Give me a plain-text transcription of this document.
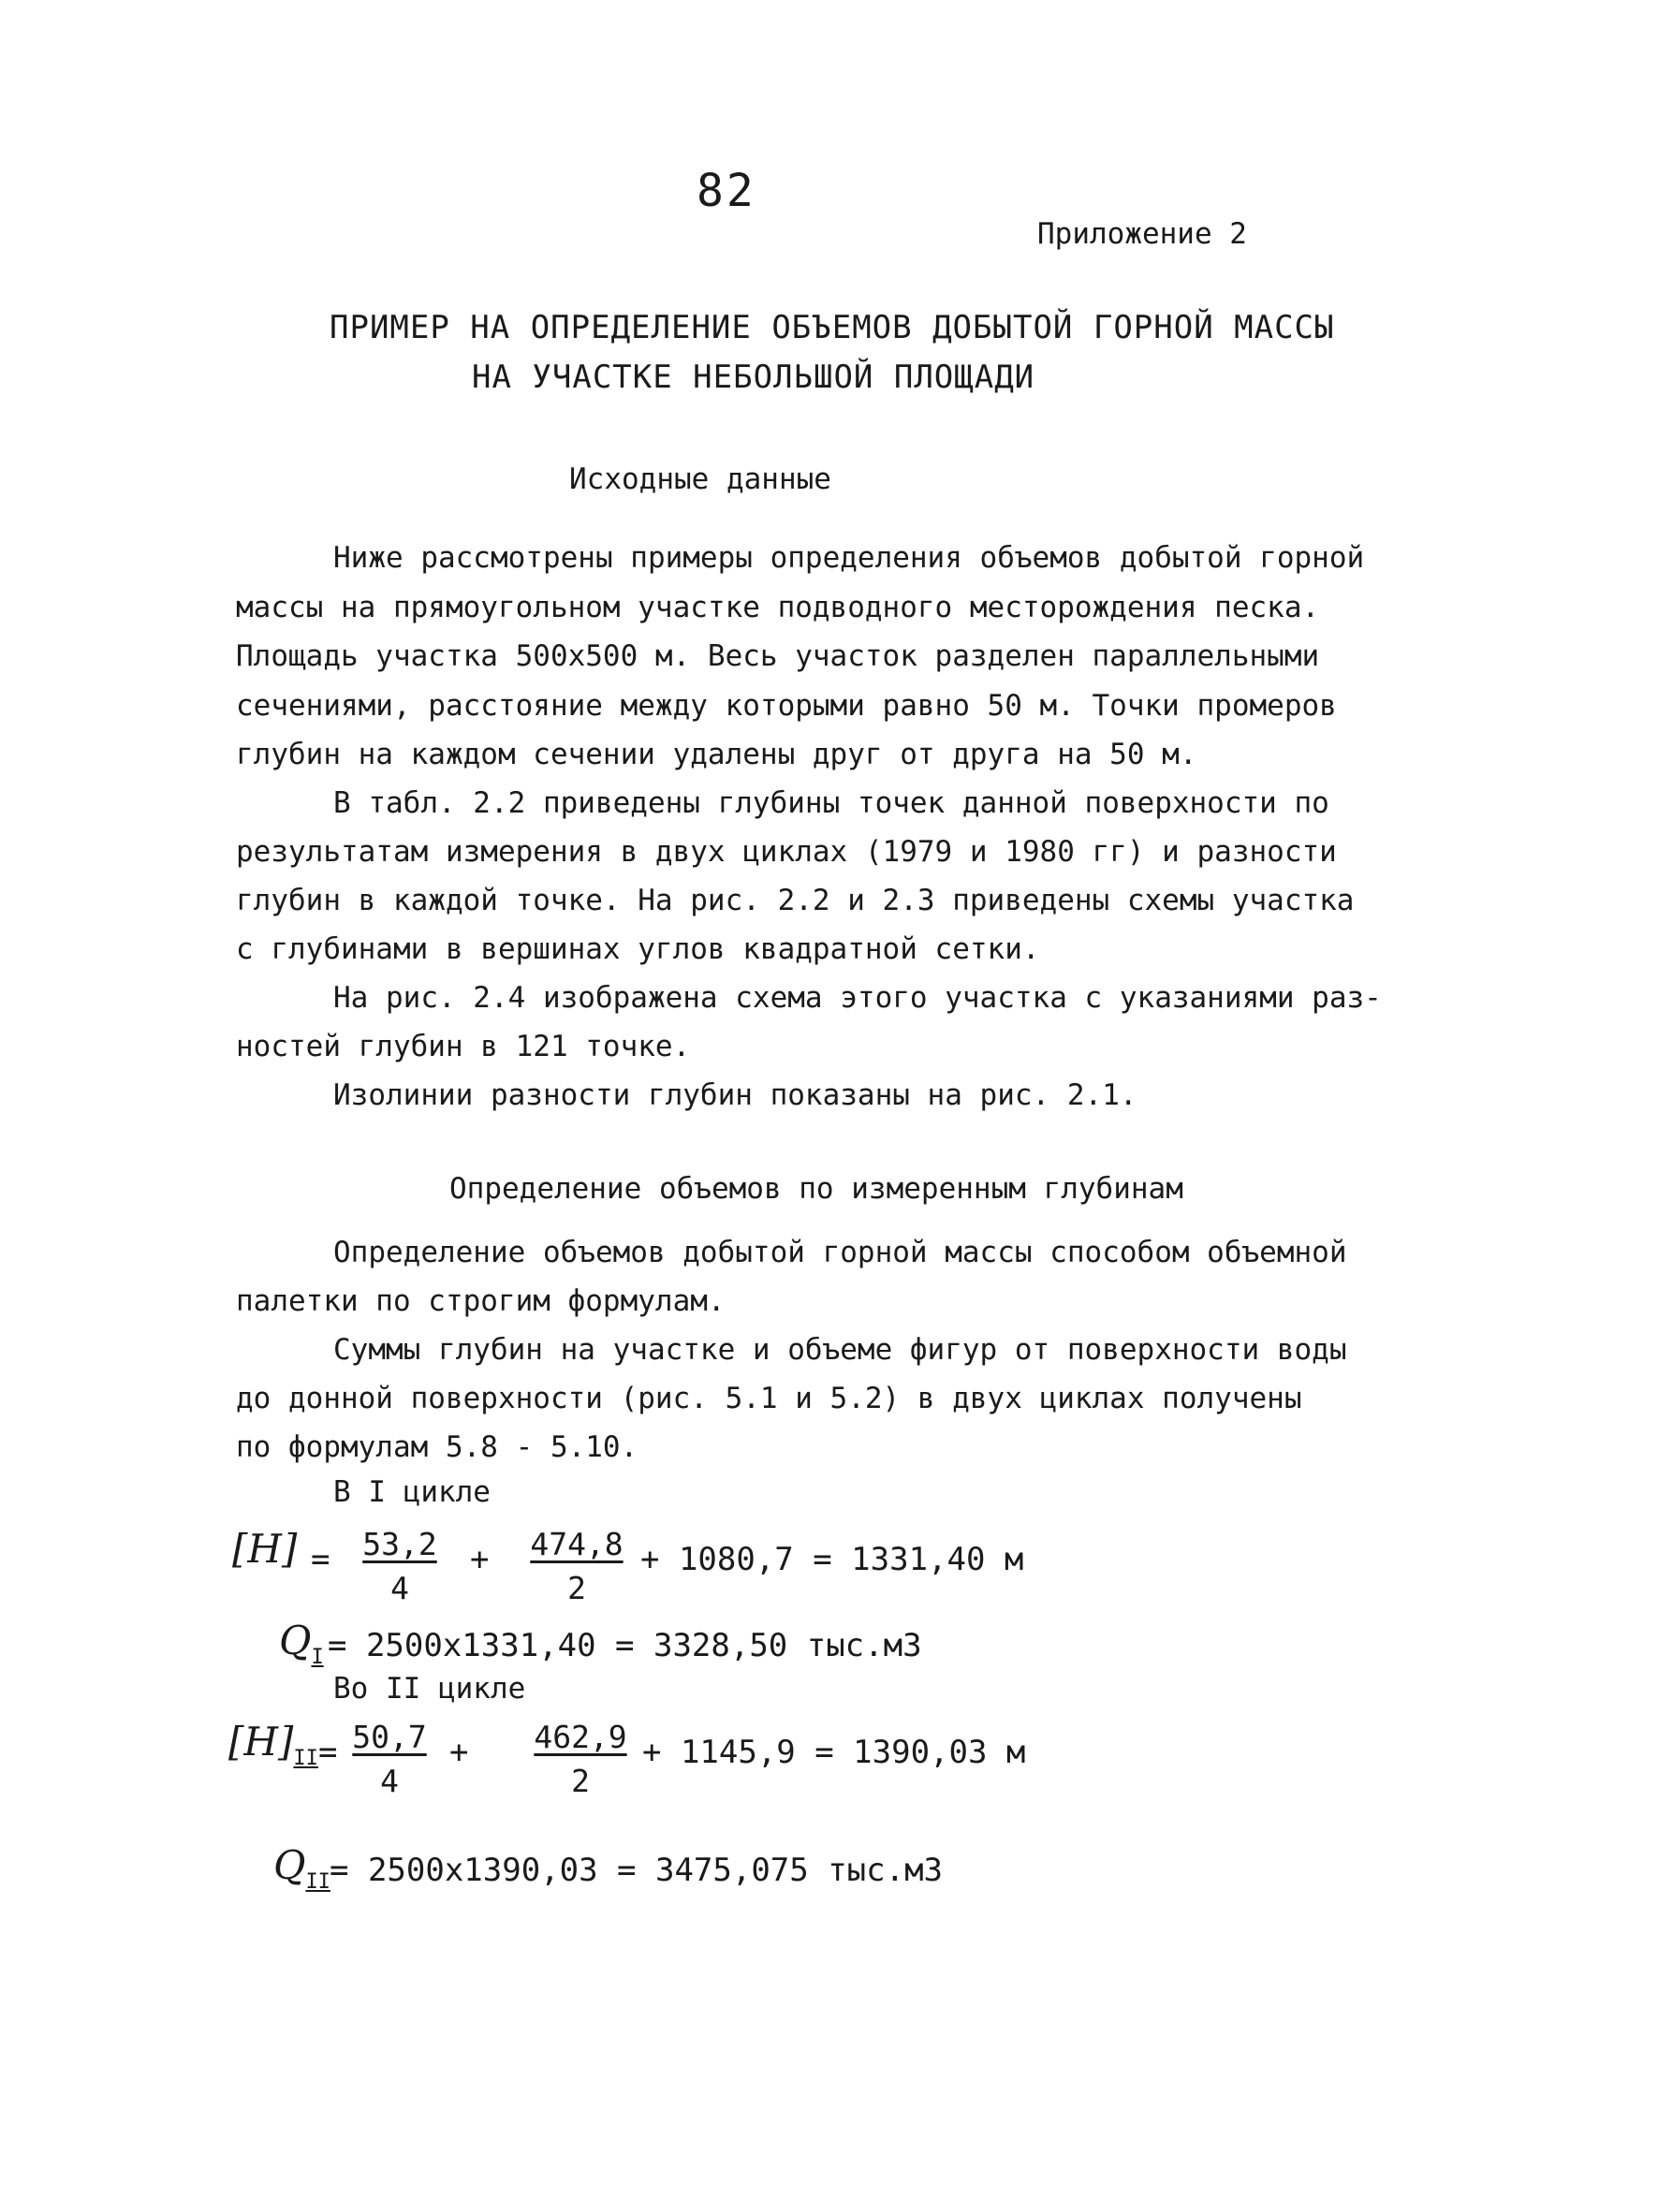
82
Приложение 2
ПРИМЕР НА ОПРЕДЕЛЕНИЕ ОБЪЕМОВ ДОБЫТОЙ ГОРНОЙ МАССЫ
НА УЧАСТКЕ НЕБОЛЬШОЙ ПЛОЩАДИ
Исходные данные
Ниже рассмотрены примеры определения объемов добытой горной
массы на прямоугольном участке подводного месторождения песка.
Площадь участка 500х500 м. Весь участок разделен параллельными
сечениями, расстояние между которыми равно 50 м. Точки промеров
глубин на каждом сечении удалены друг от друга на 50 м.
В табл. 2.2 приведены глубины точек данной поверхности по
результатам измерения в двух циклах (1979 и 1980 гг) и разности
глубин в каждой точке. На рис. 2.2 и 2.3 приведены схемы участка
с глубинами в вершинах углов квадратной сетки.
На рис. 2.4 изображена схема этого участка с указаниями раз-
ностей глубин в 121 точке.
Изолинии разности глубин показаны на рис. 2.1.
Определение объемов по измеренным глубинам
Определение объемов добытой горной массы способом объемной
палетки по строгим формулам.
Суммы глубин на участке и объеме фигур от поверхности воды
до донной поверхности (рис. 5.1 и 5.2) в двух циклах получены
по формулам 5.8 - 5.10.
В I цикле
$[H] = \frac{53,2}{4} + \frac{474,8}{2} + 1080,7 = 1331,40$ м
$Q_I = 2500х1331,40 = 3328,50$ тыс.м3
Во II цикле
$[H]_{II}$ =
$\frac{50,7}{4} + \frac{462,9}{2} + 1145,9 = 1390,03$ м
$Q_{II} = 2500х1390,03 = 3475,075$ тыс.м3
